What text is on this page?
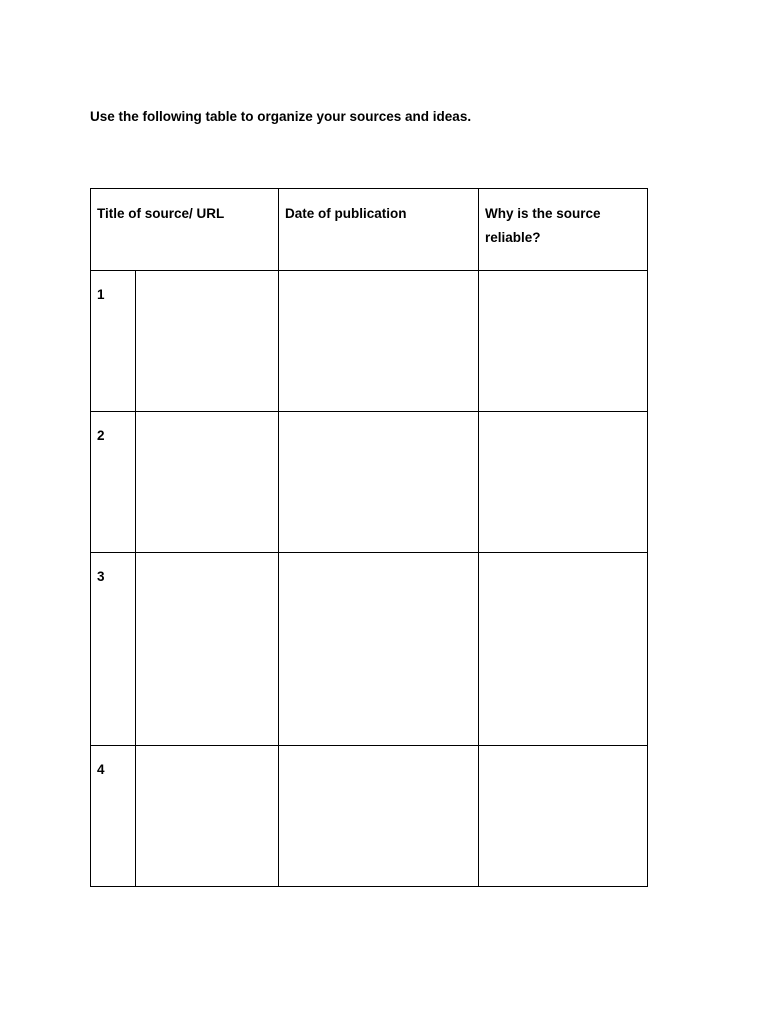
Use the following table to organize your sources and ideas.
Title of source/ URL		Date of publication	Why is the source reliable?
1			
2			
3			
4			
